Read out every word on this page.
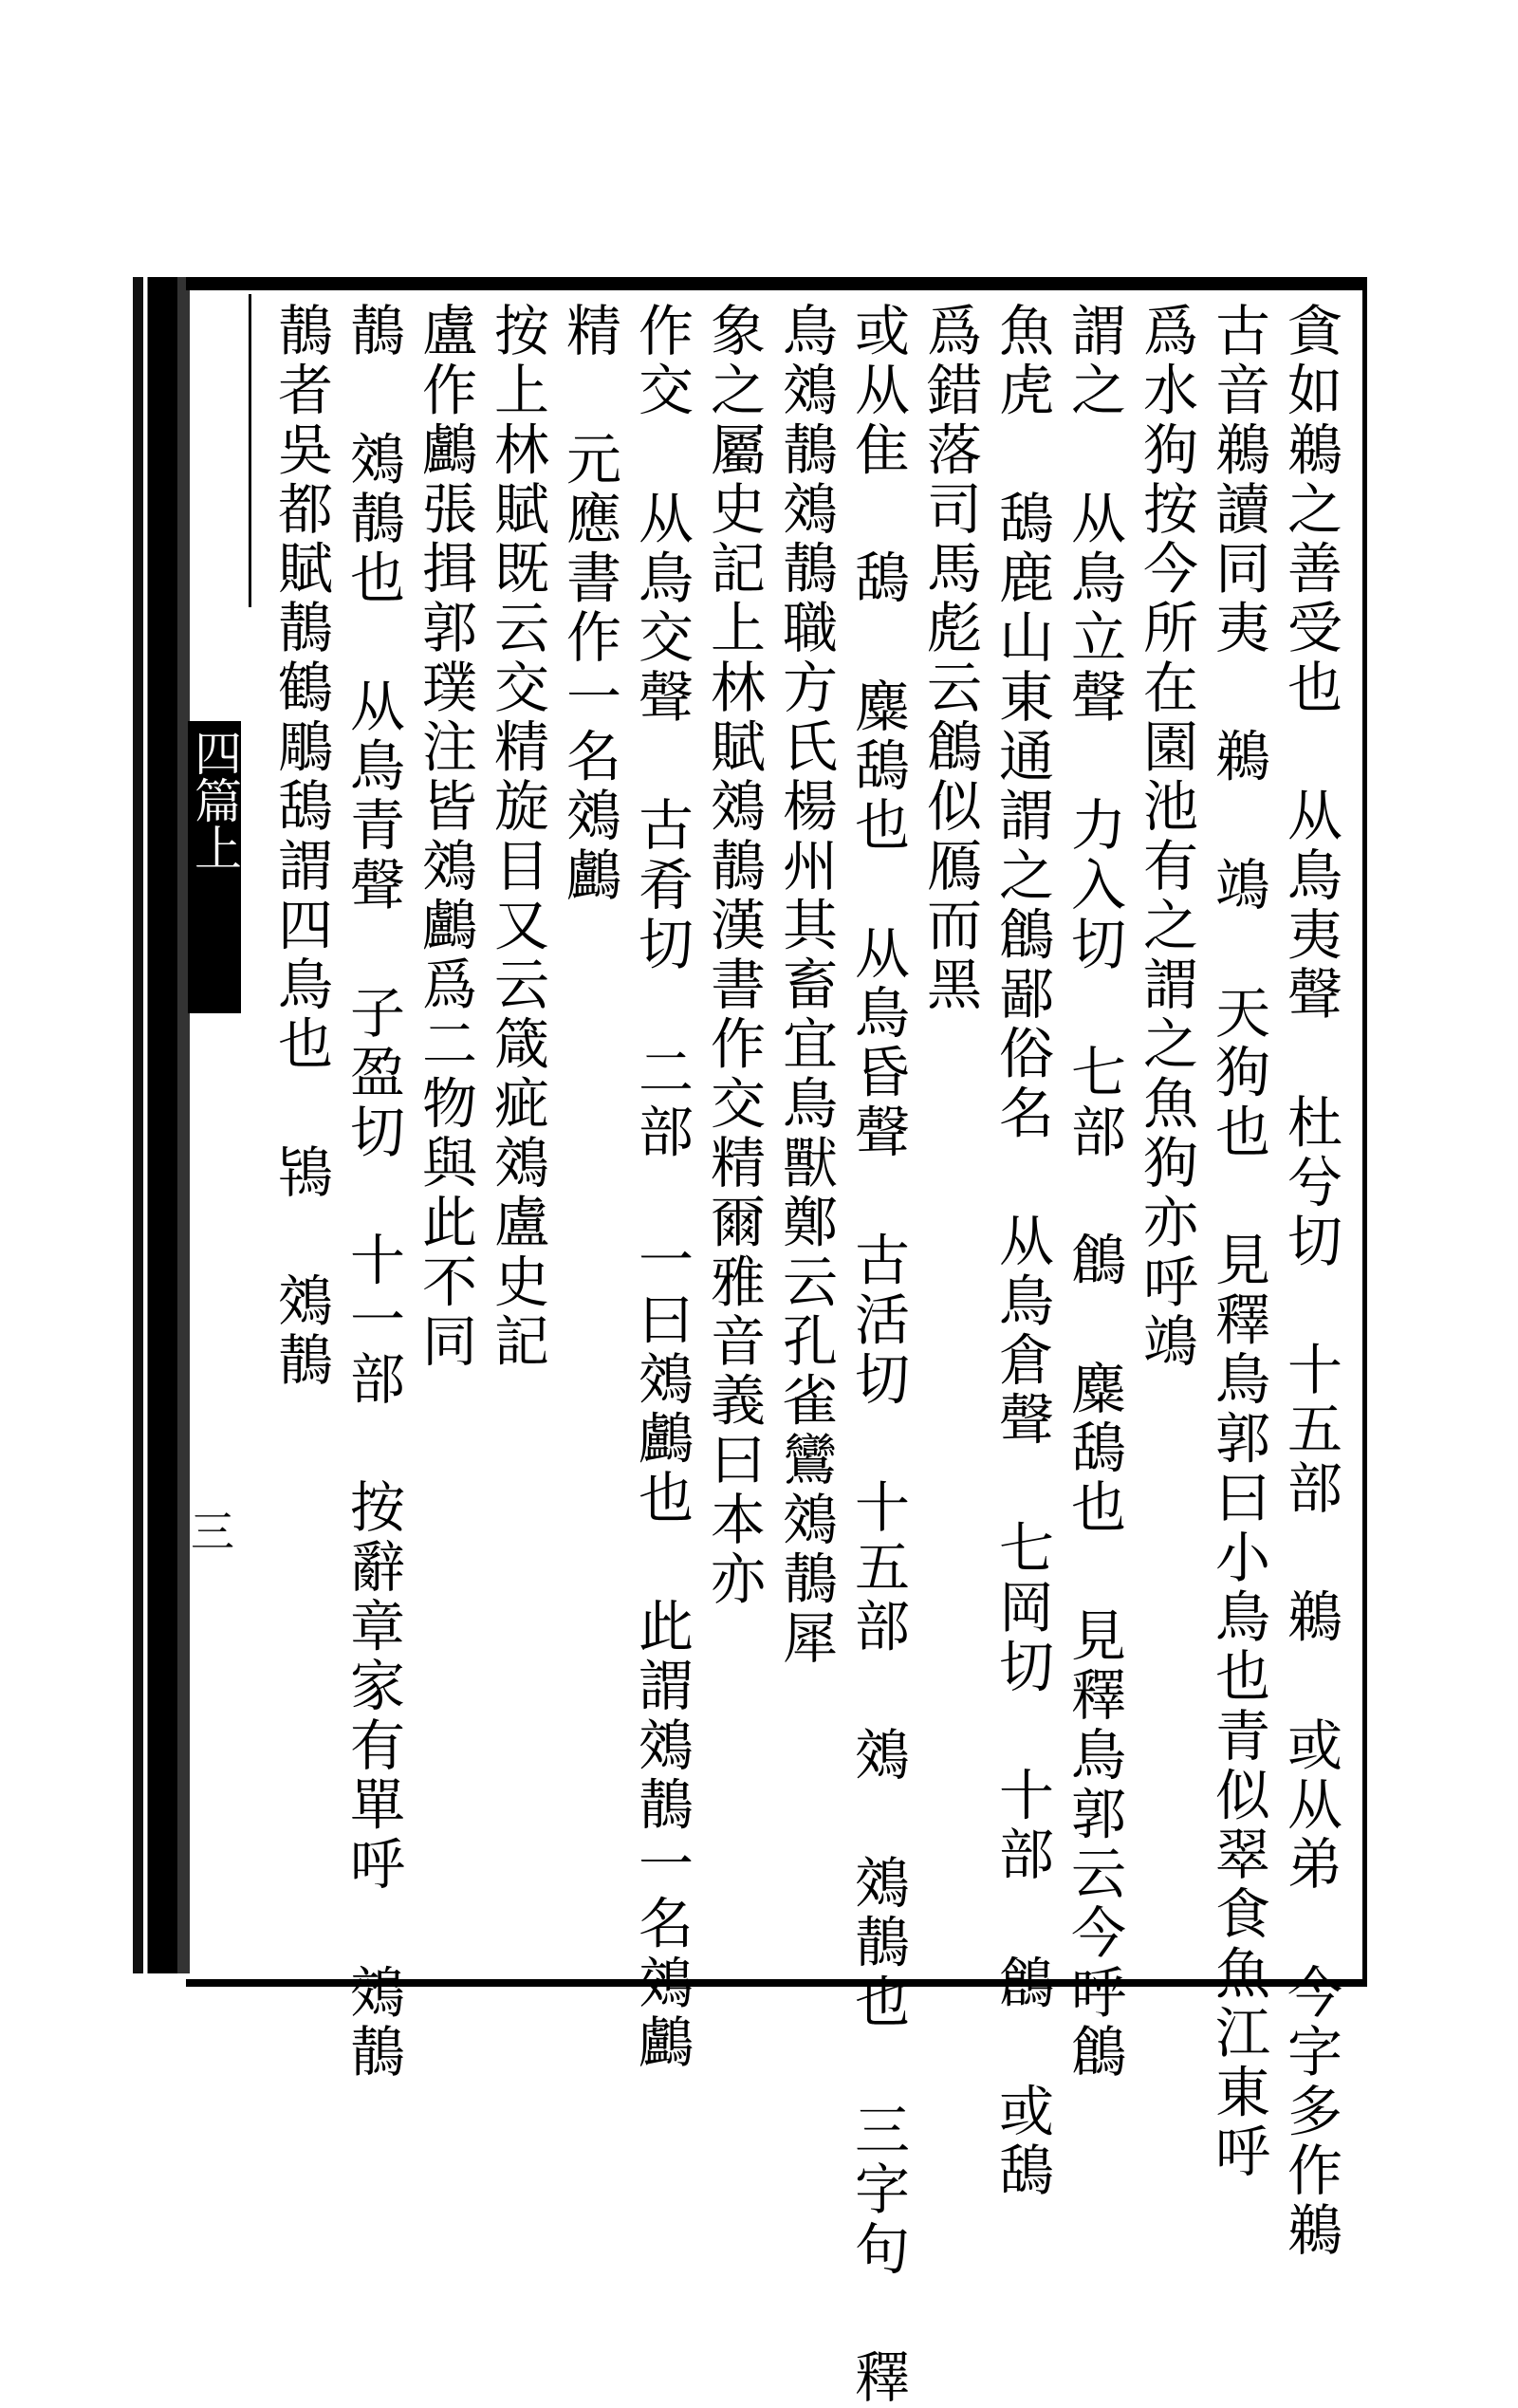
四篇上
三	貪如鵜之善受也 从鳥夷聲 杜兮切 十五部 鵜 或从弟 今字多作鵜
古音鵜讀同夷 鵜 鴗 天狗也 見釋鳥郭曰小鳥也青似翠食魚江東呼
爲水狗按今所在園池有之謂之魚狗亦呼鴗
謂之 从鳥立聲 力入切 七部 鶬 麋鴰也 見釋鳥郭云今呼鶬
魚虎 鴰鹿山東通謂之鶬鄙俗名 从鳥倉聲 七岡切 十部 鶬 或鴰
爲錯落司馬彪云鶬似鴈而黑
或从隹 鴰 麋鴰也 从鳥昏聲 古活切 十五部 鵁 鵁鶄也 三字句 釋
鳥鵁鶄鵁鶄職方氏楊州其畜宜鳥獸鄭云孔雀鸞鵁鶄犀
象之屬史記上林賦鵁鶄漢書作交精爾雅音義曰本亦
作交 从鳥交聲 古肴切 二部 一曰鵁鸕也 此謂鵁鶄一名鵁鸕
精 元應書作一名鵁鸕
按上林賦既云交精旋目又云箴疵鵁盧史記
盧作鸕張揖郭璞注皆鵁鸕爲二物與此不同
鶄 鵁鶄也 从鳥青聲 子盈切 十一部 按辭章家有單呼 鵁鶄
鶄者吳都賦鶄鶴鵰鴰謂四鳥也 鴇 鵁鶄
